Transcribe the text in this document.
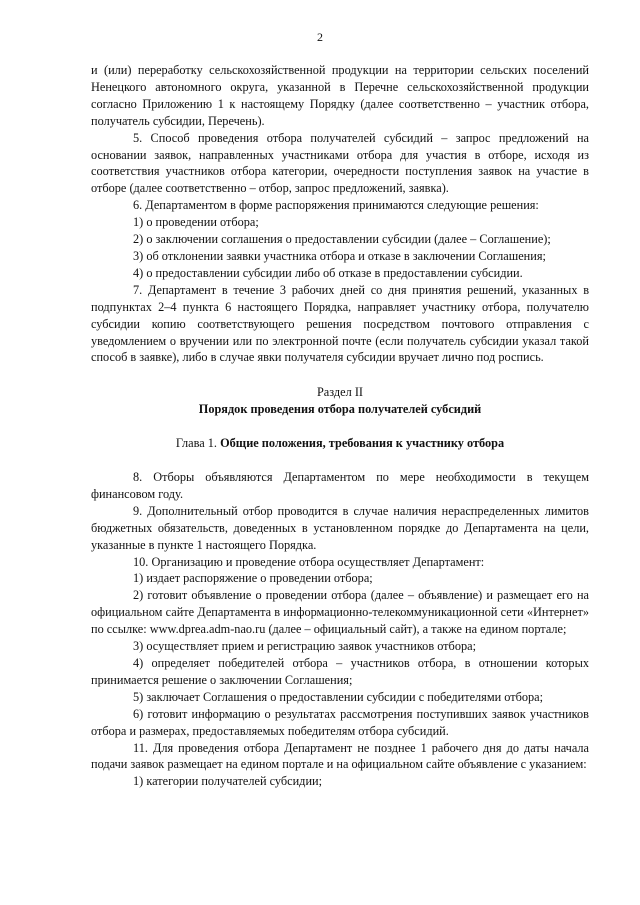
2

и (или) переработку сельскохозяйственной продукции на территории сельских поселений Ненецкого автономного округа, указанной в Перечне сельскохозяйственной продукции согласно Приложению 1 к настоящему Порядку (далее соответственно – участник отбора, получатель субсидии, Перечень).

5. Способ проведения отбора получателей субсидий – запрос предложений на основании заявок, направленных участниками отбора для участия в отборе, исходя из соответствия участников отбора категории, очередности поступления заявок на участие в отборе (далее соответственно – отбор, запрос предложений, заявка).

6. Департаментом в форме распоряжения принимаются следующие решения:

1) о проведении отбора;

2) о заключении соглашения о предоставлении субсидии (далее – Соглашение);

3) об отклонении заявки участника отбора и отказе в заключении Соглашения;

4) о предоставлении субсидии либо об отказе в предоставлении субсидии.

7. Департамент в течение 3 рабочих дней со дня принятия решений, указанных в подпунктах 2–4 пункта 6 настоящего Порядка, направляет участнику отбора, получателю субсидии копию соответствующего решения посредством почтового отправления с уведомлением о вручении или по электронной почте (если получатель субсидии указал такой способ в заявке), либо в случае явки получателя субсидии вручает лично под роспись.

Раздел II

Порядок проведения отбора получателей субсидий

Глава 1. Общие положения, требования к участнику отбора

8. Отборы объявляются Департаментом по мере необходимости в текущем финансовом году.

9. Дополнительный отбор проводится в случае наличия нераспределенных лимитов бюджетных обязательств, доведенных в установленном порядке до Департамента на цели, указанные в пункте 1 настоящего Порядка.

10. Организацию и проведение отбора осуществляет Департамент:

1) издает распоряжение о проведении отбора;

2) готовит объявление о проведении отбора (далее – объявление) и размещает его на официальном сайте Департамента в информационно-телекоммуникационной сети «Интернет» по ссылке: www.dprea.adm-nao.ru (далее – официальный сайт), а также на едином портале;

3) осуществляет прием и регистрацию заявок участников отбора;

4) определяет победителей отбора – участников отбора, в отношении которых принимается решение о заключении Соглашения;

5) заключает Соглашения о предоставлении субсидии с победителями отбора;

6) готовит информацию о результатах рассмотрения поступивших заявок участников отбора и размерах, предоставляемых победителям отбора субсидий.

11. Для проведения отбора Департамент не позднее 1 рабочего дня до даты начала подачи заявок размещает на едином портале и на официальном сайте объявление с указанием:

1) категории получателей субсидии;
